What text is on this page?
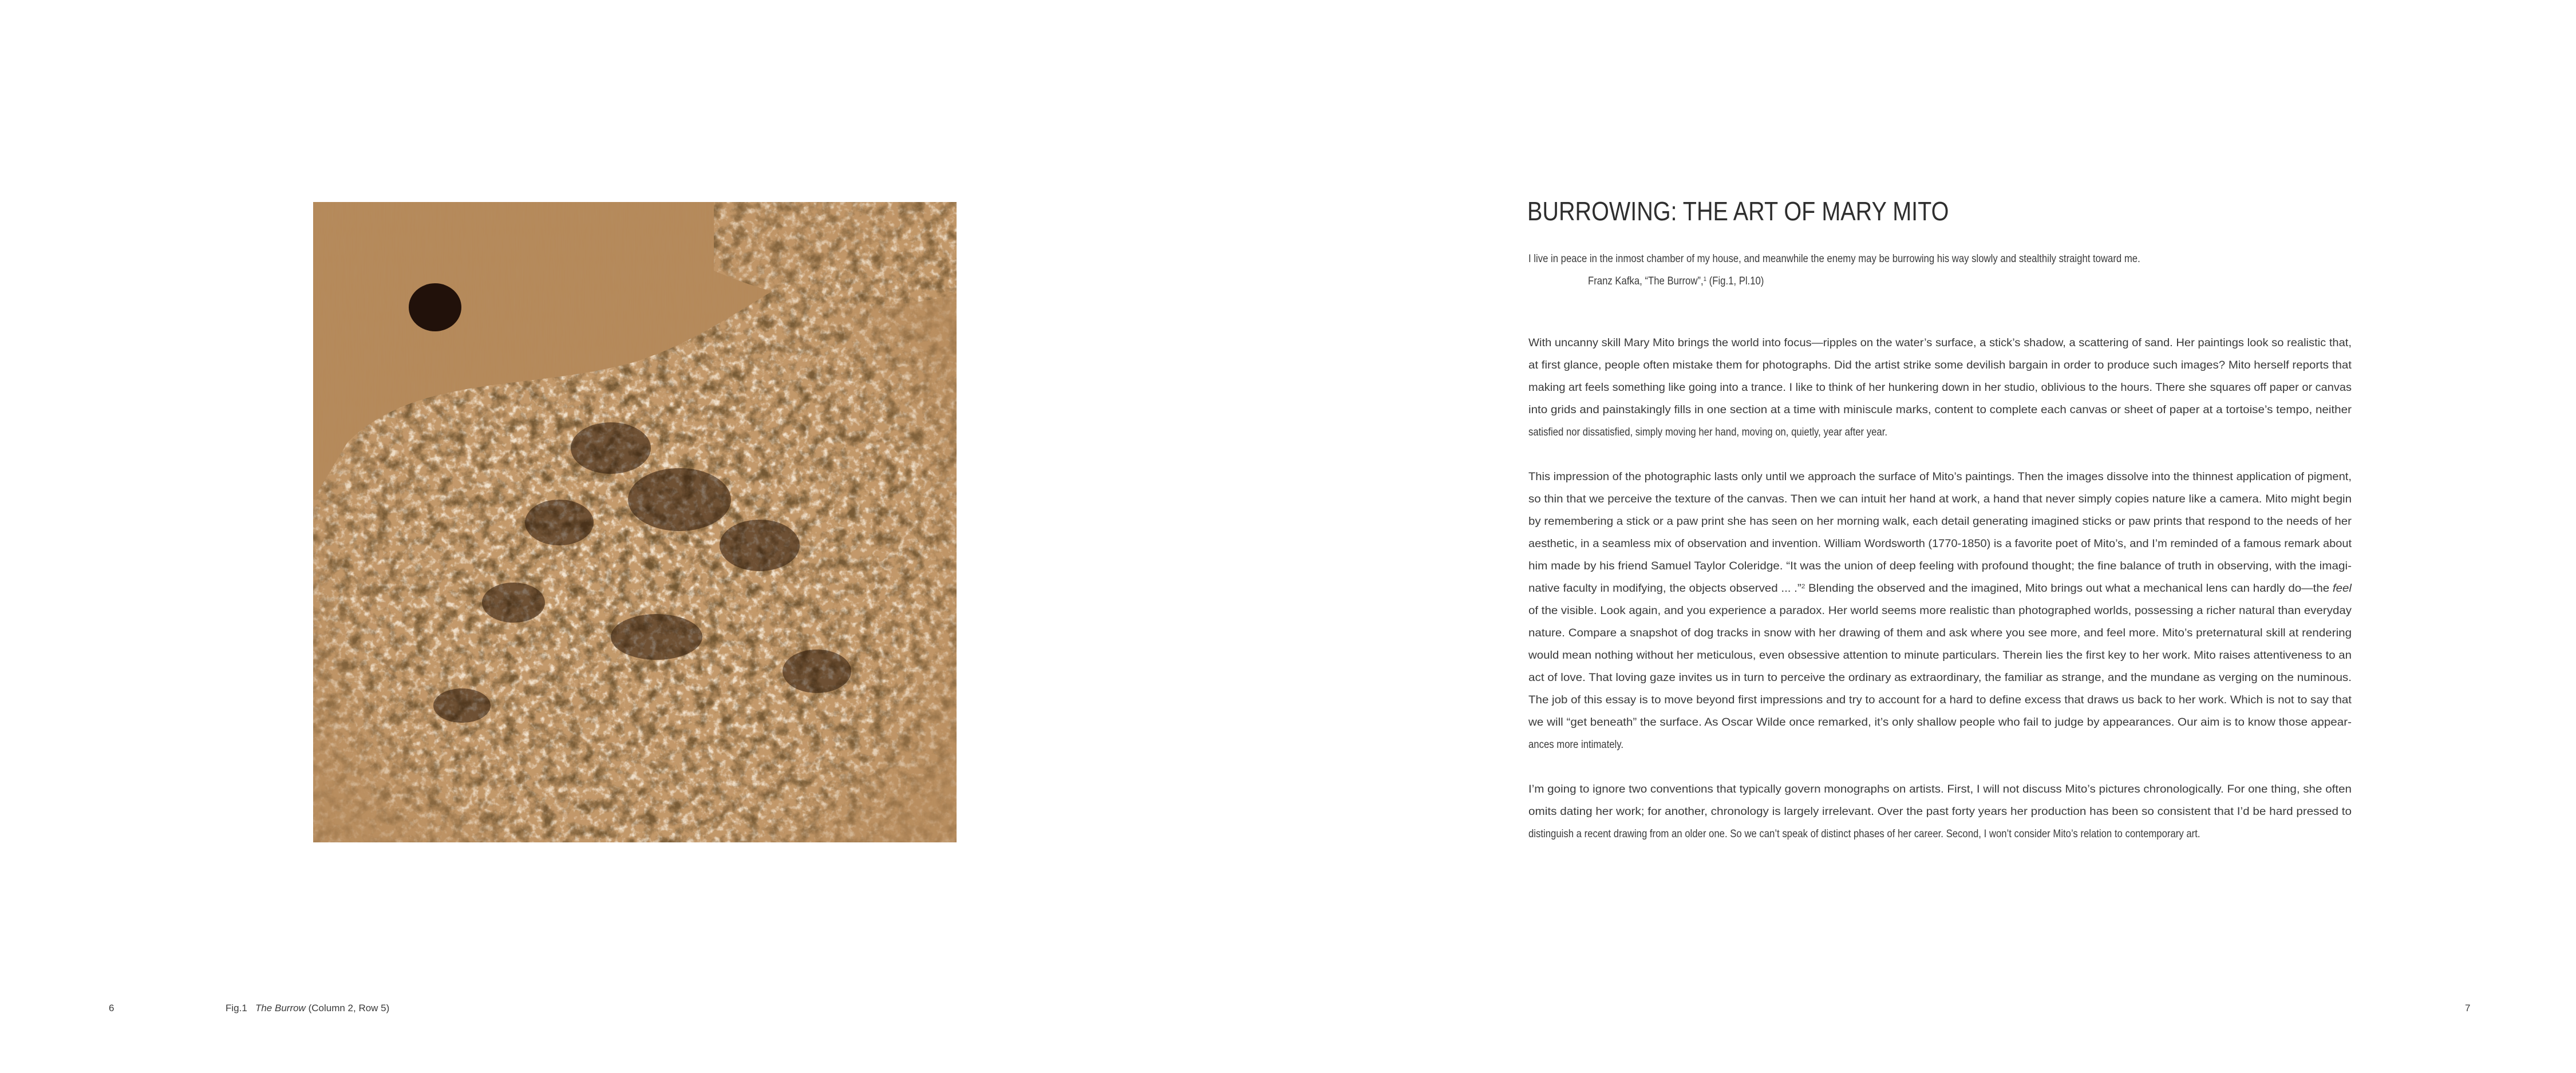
6	Fig.1 The Burrow (Column 2, Row 5)
BURROWING: THE ART OF MARY MITO
I live in peace in the inmost chamber of my house, and meanwhile the enemy may be burrowing his way slowly and stealthily straight toward me.
Franz Kafka, “The Burrow”,$^1$ (Fig.1, Pl.10)
With uncanny skill Mary Mito brings the world into focus—ripples on the water’s surface, a stick’s shadow, a scattering of sand. Her paintings look so realistic that,
at first glance, people often mistake them for photographs. Did the artist strike some devilish bargain in order to produce such images? Mito herself reports that
making art feels something like going into a trance. I like to think of her hunkering down in her studio, oblivious to the hours. There she squares off paper or canvas
into grids and painstakingly fills in one section at a time with miniscule marks, content to complete each canvas or sheet of paper at a tortoise’s tempo, neither
satisfied nor dissatisfied, simply moving her hand, moving on, quietly, year after year.
This impression of the photographic lasts only until we approach the surface of Mito’s paintings. Then the images dissolve into the thinnest application of pigment,
so thin that we perceive the texture of the canvas. Then we can intuit her hand at work, a hand that never simply copies nature like a camera. Mito might begin
by remembering a stick or a paw print she has seen on her morning walk, each detail generating imagined sticks or paw prints that respond to the needs of her
aesthetic, in a seamless mix of observation and invention. William Wordsworth (1770-1850) is a favorite poet of Mito’s, and I’m reminded of a famous remark about
him made by his friend Samuel Taylor Coleridge. “It was the union of deep feeling with profound thought; the fine balance of truth in observing, with the imagi-
native faculty in modifying, the objects observed ... .”$^2$ Blending the observed and the imagined, Mito brings out what a mechanical lens can hardly do—the feel
of the visible. Look again, and you experience a paradox. Her world seems more realistic than photographed worlds, possessing a richer natural than everyday
nature. Compare a snapshot of dog tracks in snow with her drawing of them and ask where you see more, and feel more. Mito’s preternatural skill at rendering
would mean nothing without her meticulous, even obsessive attention to minute particulars. Therein lies the first key to her work. Mito raises attentiveness to an
act of love. That loving gaze invites us in turn to perceive the ordinary as extraordinary, the familiar as strange, and the mundane as verging on the numinous.
The job of this essay is to move beyond first impressions and try to account for a hard to define excess that draws us back to her work. Which is not to say that
we will “get beneath” the surface. As Oscar Wilde once remarked, it’s only shallow people who fail to judge by appearances. Our aim is to know those appear-
ances more intimately.
I’m going to ignore two conventions that typically govern monographs on artists. First, I will not discuss Mito’s pictures chronologically. For one thing, she often
omits dating her work; for another, chronology is largely irrelevant. Over the past forty years her production has been so consistent that I’d be hard pressed to
distinguish a recent drawing from an older one. So we can’t speak of distinct phases of her career. Second, I won’t consider Mito’s relation to contemporary art.
7
